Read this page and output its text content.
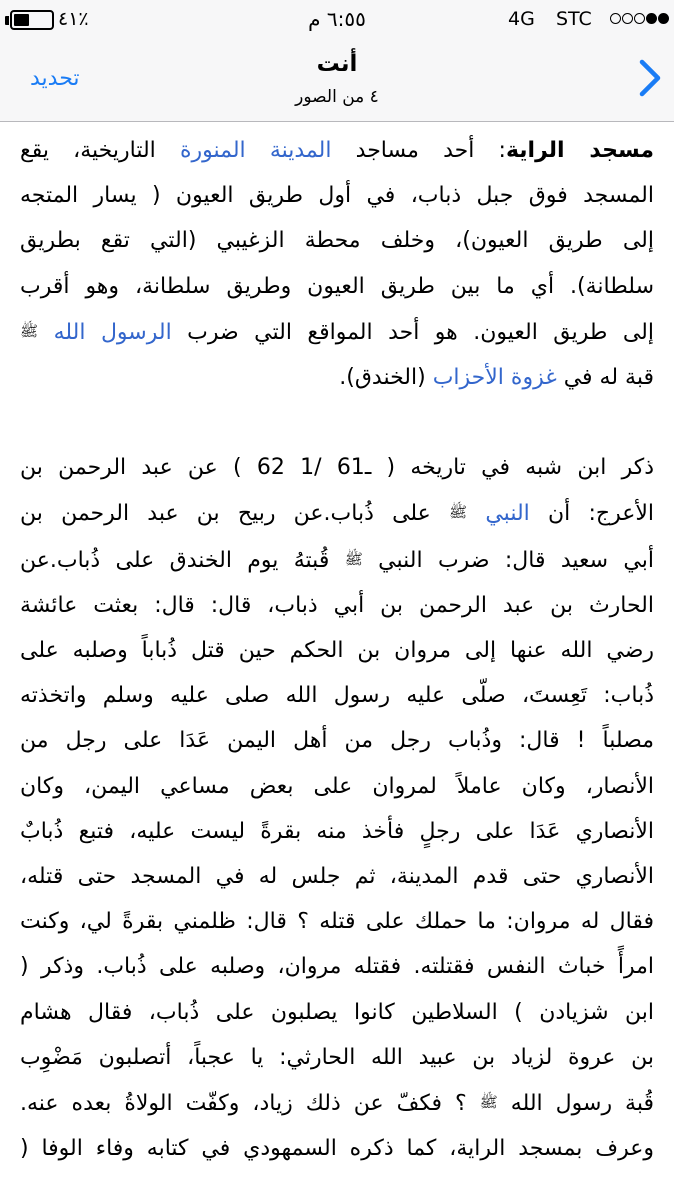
٤١٪	٦:٥٥ م	4G STC
تحديد
أنت
٤ من الصور

مسجد الراية: أحد مساجد المدينة المنورة التاريخية، يقع
المسجد فوق جبل ذباب، في أول طريق العيون ( يسار المتجه
إلى طريق العيون)، وخلف محطة الزغيبي (التي تقع بطريق
سلطانة). أي ما بين طريق العيون وطريق سلطانة، وهو أقرب
إلى طريق العيون. هو أحد المواقع التي ضرب الرسول الله ﷺ
قبة له في غزوة الأحزاب (الخندق).

ذكر ابن شبه في تاريخه ( 62 ـ61 /1 ) عن عبد الرحمن بن
الأعرج: أن النبي ﷺ على ذُباب.عن ربيح بن عبد الرحمن بن
أبي سعيد قال: ضرب النبي ﷺ قُبتهُ يوم الخندق على ذُباب.عن
الحارث بن عبد الرحمن بن أبي ذباب، قال: قال: بعثت عائشة
رضي الله عنها إلى مروان بن الحكم حين قتل ذُباباً وصلبه على
ذُباب: تَعِستَ، صلّى عليه رسول الله صلى عليه وسلم واتخذته
مصلباً ! قال: وذُباب رجل من أهل اليمن عَدَا على رجل من
الأنصار، وكان عاملاً لمروان على بعض مساعي اليمن، وكان
الأنصاري عَدَا على رجلٍ فأخذ منه بقرةً ليست عليه، فتبع ذُبابٌ
الأنصاري حتى قدم المدينة، ثم جلس له في المسجد حتى قتله،
فقال له مروان: ما حملك على قتله ؟ قال: ظلمني بقرةً لي، وكنت
امرأً خباث النفس فقتلته. فقتله مروان، وصلبه على ذُباب. وذكر (
ابن شزيادن ) السلاطين كانوا يصلبون على ذُباب، فقال هشام
بن عروة لزياد بن عبيد الله الحارثي: يا عجباً، أتصلبون مَضْوِب
قُبة رسول الله ﷺ ؟ فكفّ عن ذلك زياد، وكفّت الولاةُ بعده عنه.
وعرف بمسجد الراية، كما ذكره السمهودي في كتابه وفاء الوفا (
